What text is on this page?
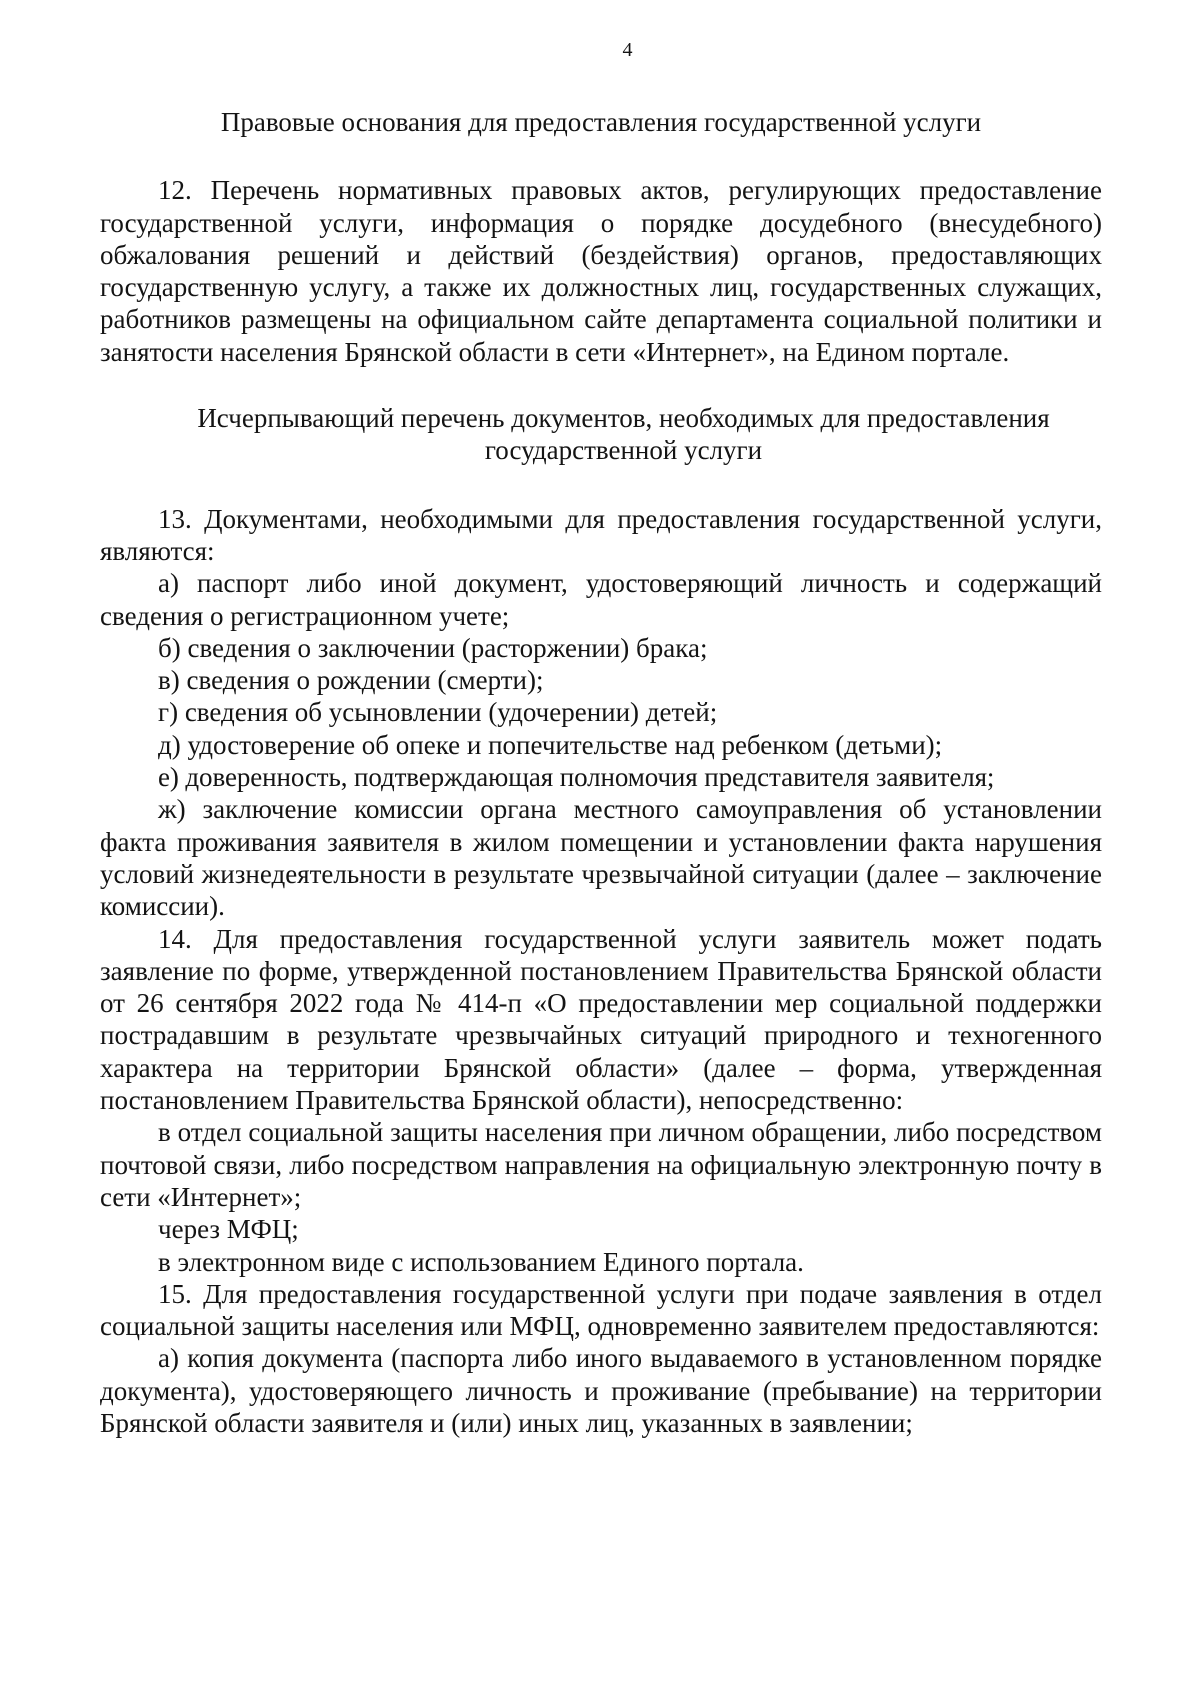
4

Правовые основания для предоставления государственной услуги

12. Перечень нормативных правовых актов, регулирующих предоставление государственной услуги, информация о порядке досудебного (внесудебного) обжалования решений и действий (бездействия) органов, предоставляющих государственную услугу, а также их должностных лиц, государственных служащих, работников размещены на официальном сайте департамента социальной политики и занятости населения Брянской области в сети «Интернет», на Едином портале.

Исчерпывающий перечень документов, необходимых для предоставления государственной услуги

13. Документами, необходимыми для предоставления государственной услуги, являются:

а) паспорт либо иной документ, удостоверяющий личность и содержащий сведения о регистрационном учете;

б) сведения о заключении (расторжении) брака;

в) сведения о рождении (смерти);

г) сведения об усыновлении (удочерении) детей;

д) удостоверение об опеке и попечительстве над ребенком (детьми);

е) доверенность, подтверждающая полномочия представителя заявителя;

ж) заключение комиссии органа местного самоуправления об установлении факта проживания заявителя в жилом помещении и установлении факта нарушения условий жизнедеятельности в результате чрезвычайной ситуации (далее – заключение комиссии).

14. Для предоставления государственной услуги заявитель может подать заявление по форме, утвержденной постановлением Правительства Брянской области от 26 сентября 2022 года № 414-п «О предоставлении мер социальной поддержки пострадавшим в результате чрезвычайных ситуаций природного и техногенного характера на территории Брянской области» (далее – форма, утвержденная постановлением Правительства Брянской области), непосредственно:

в отдел социальной защиты населения при личном обращении, либо посредством почтовой связи, либо посредством направления на официальную электронную почту в сети «Интернет»;

через МФЦ;

в электронном виде с использованием Единого портала.

15. Для предоставления государственной услуги при подаче заявления в отдел социальной защиты населения или МФЦ, одновременно заявителем предоставляются:

а) копия документа (паспорта либо иного выдаваемого в установленном порядке документа), удостоверяющего личность и проживание (пребывание) на территории Брянской области заявителя и (или) иных лиц, указанных в заявлении;
